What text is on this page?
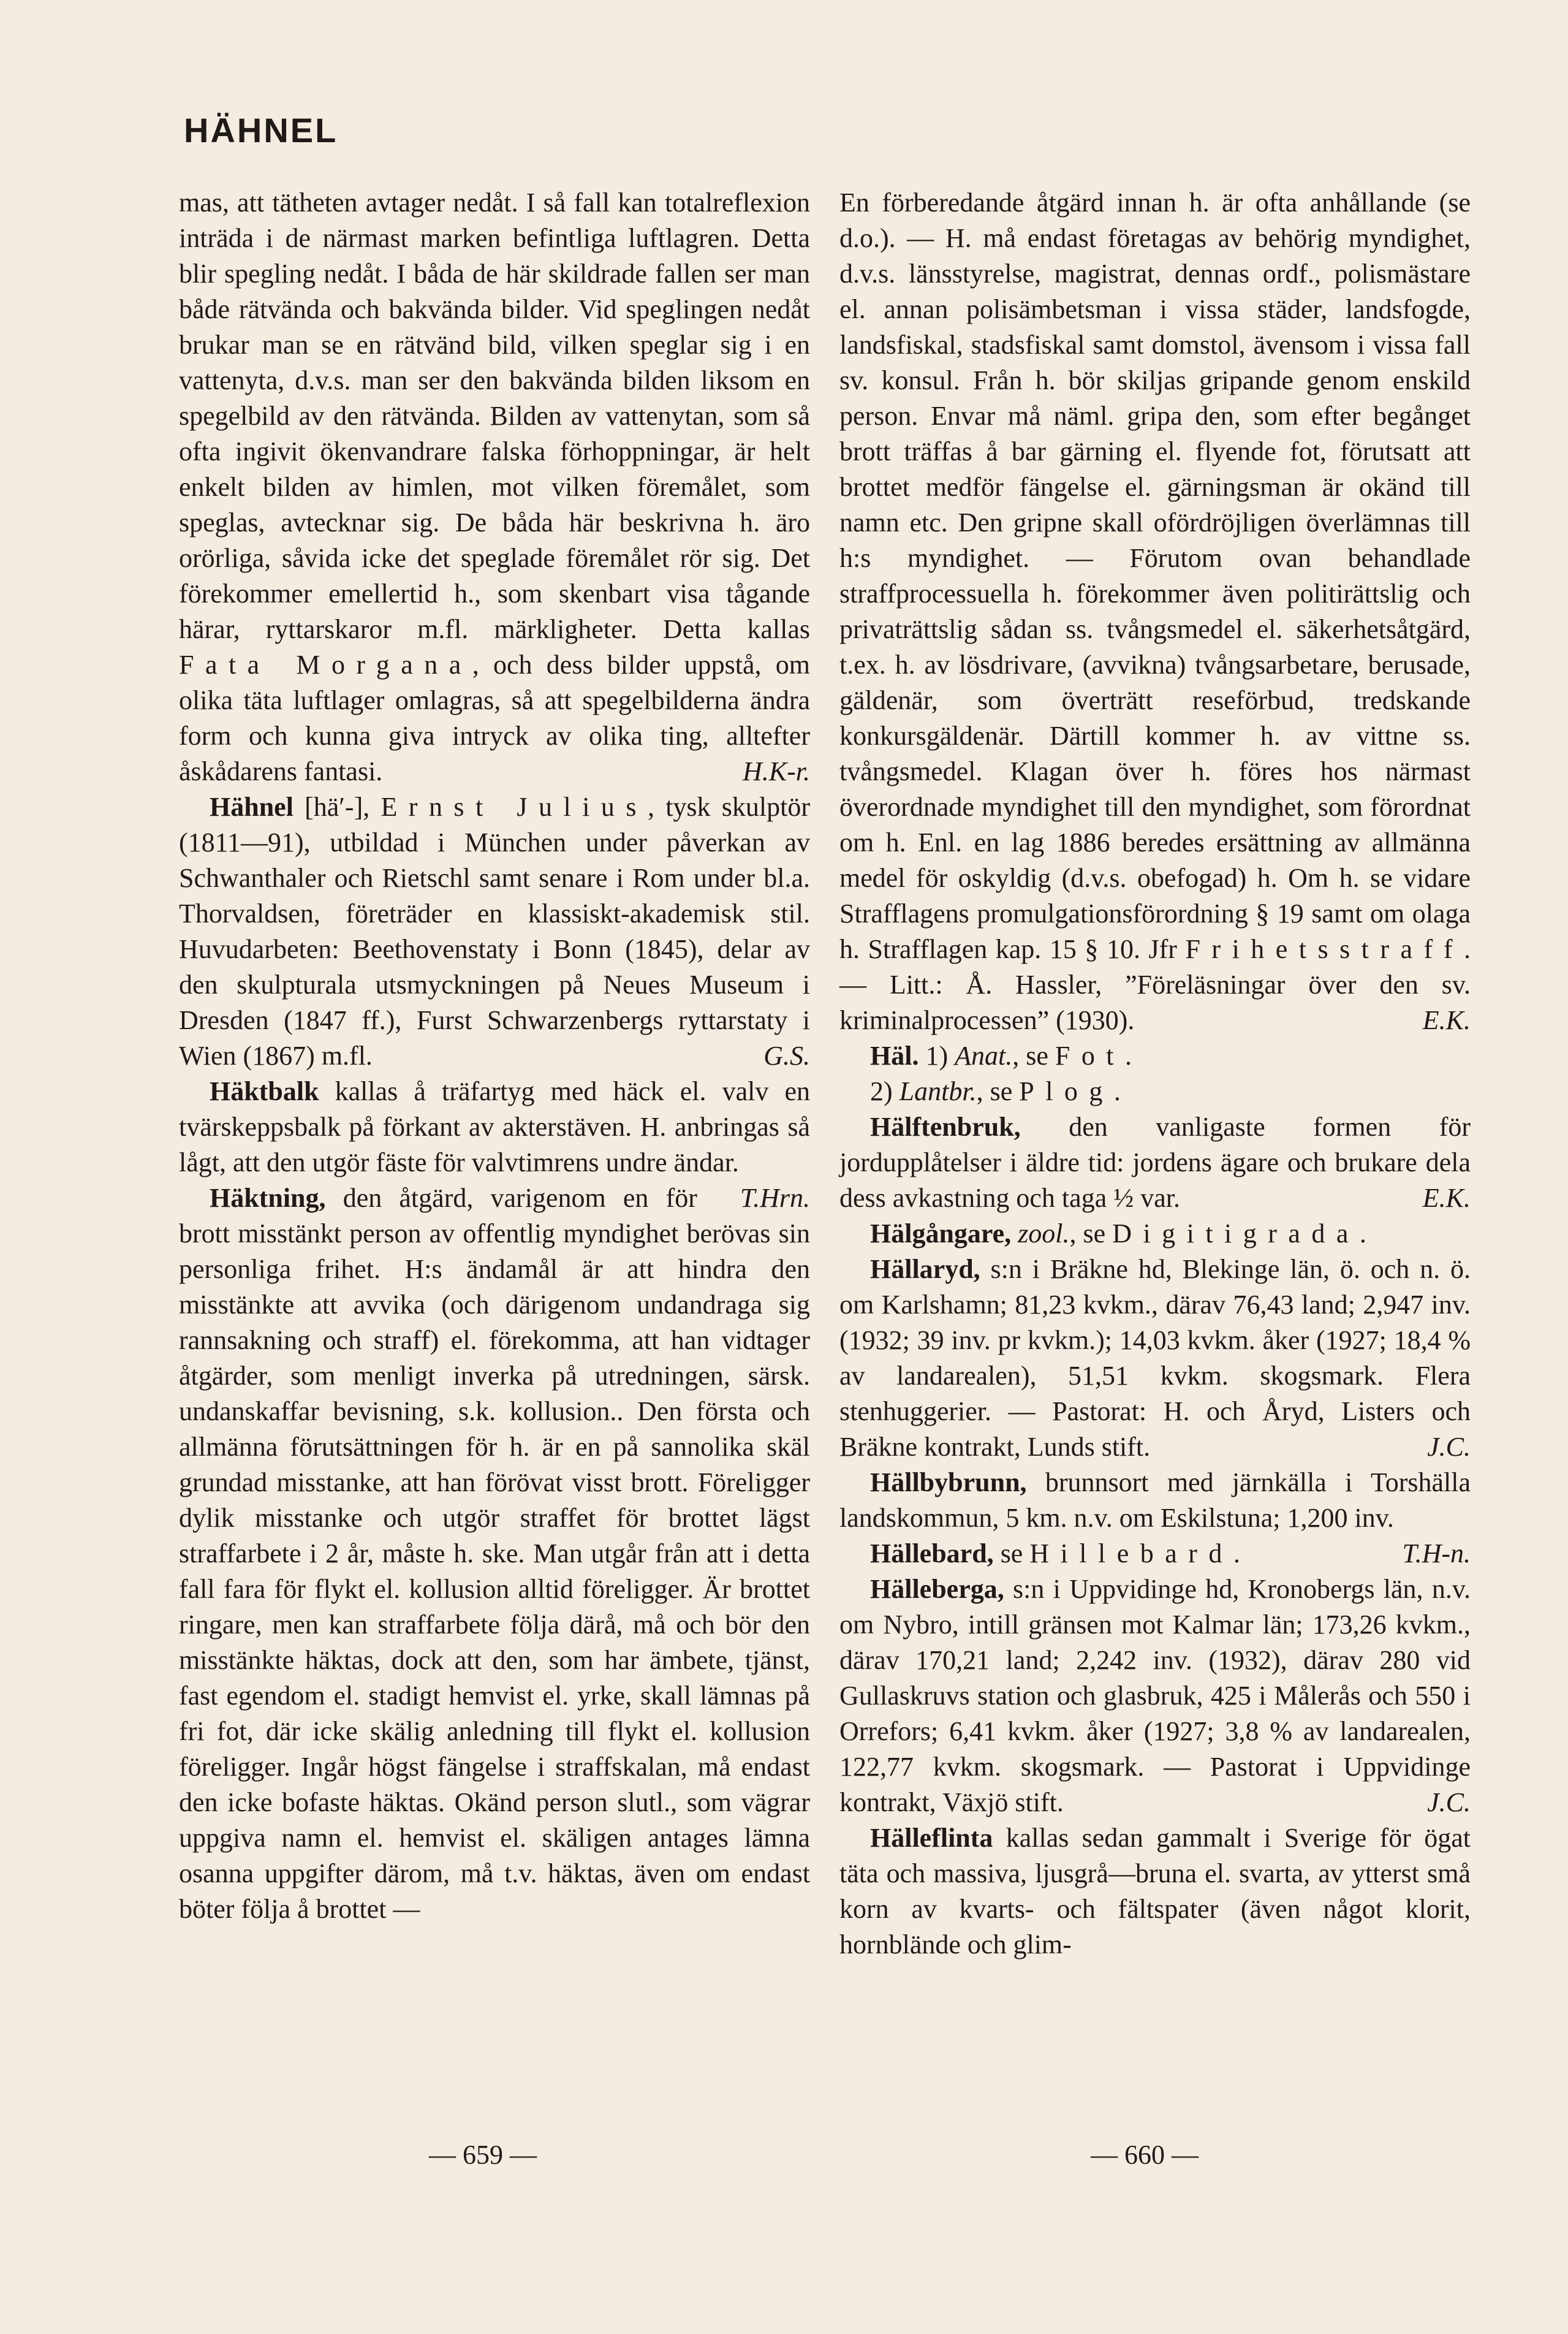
HÄHNEL

mas, att tätheten avtager nedåt. I så fall kan totalreflexion inträda i de närmast marken befintliga luftlagren. Detta blir spegling nedåt. I båda de här skildrade fallen ser man både rätvända och bakvända bilder. Vid speglingen nedåt brukar man se en rätvänd bild, vilken speglar sig i en vattenyta, d.v.s. man ser den bakvända bilden liksom en spegelbild av den rätvända. Bilden av vattenytan, som så ofta ingivit ökenvandrare falska förhoppningar, är helt enkelt bilden av himlen, mot vilken föremålet, som speglas, avtecknar sig. De båda här beskrivna h. äro orörliga, såvida icke det speglade föremålet rör sig. Det förekommer emellertid h., som skenbart visa tågande härar, ryttarskaror m.fl. märkligheter. Detta kallas Fata Morgana, och dess bilder uppstå, om olika täta luftlager omlagras, så att spegelbilderna ändra form och kunna giva intryck av olika ting, alltefter åskådarens fantasi.	H.K-r.

Hähnel [hä′-], Ernst Julius, tysk skulptör (1811—91), utbildad i München under påverkan av Schwanthaler och Rietschl samt senare i Rom under bl.a. Thorvaldsen, företräder en klassiskt-akademisk stil. Huvudarbeten: Beethovenstaty i Bonn (1845), delar av den skulpturala utsmyckningen på Neues Museum i Dresden (1847 ff.), Furst Schwarzenbergs ryttarstaty i Wien (1867) m.fl.	G.S.

Häktbalk kallas å träfartyg med häck el. valv en tvärskeppsbalk på förkant av akterstäven. H. anbringas så lågt, att den utgör fäste för valvtimrens undre ändar.
T.Hrn.

Häktning, den åtgärd, varigenom en för brott misstänkt person av offentlig myndighet berövas sin personliga frihet. H:s ändamål är att hindra den misstänkte att avvika (och därigenom undandraga sig rannsakning och straff) el. förekomma, att han vidtager åtgärder, som menligt inverka på utredningen, särsk. undanskaffar bevisning, s.k. kollusion.. Den första och allmänna förutsättningen för h. är en på sannolika skäl grundad misstanke, att han förövat visst brott. Föreligger dylik misstanke och utgör straffet för brottet lägst straffarbete i 2 år, måste h. ske. Man utgår från att i detta fall fara för flykt el. kollusion alltid föreligger. Är brottet ringare, men kan straffarbete följa därå, må och bör den misstänkte häktas, dock att den, som har ämbete, tjänst, fast egendom el. stadigt hemvist el. yrke, skall lämnas på fri fot, där icke skälig anledning till flykt el. kollusion föreligger. Ingår högst fängelse i straffskalan, må endast den icke bofaste häktas. Okänd person slutl., som vägrar uppgiva namn el. hemvist el. skäligen antages lämna osanna uppgifter därom, må t.v. häktas, även om endast böter följa å brottet —

En förberedande åtgärd innan h. är ofta anhållande (se d.o.). — H. må endast företagas av behörig myndighet, d.v.s. länsstyrelse, magistrat, dennas ordf., polismästare el. annan polisämbetsman i vissa städer, landsfogde, landsfiskal, stadsfiskal samt domstol, ävensom i vissa fall sv. konsul. Från h. bör skiljas gripande genom enskild person. Envar må näml. gripa den, som efter begånget brott träffas å bar gärning el. flyende fot, förutsatt att brottet medför fängelse el. gärningsman är okänd till namn etc. Den gripne skall ofördröjligen överlämnas till h:s myndighet. — Förutom ovan behandlade straffprocessuella h. förekommer även politirättslig och privaträttslig sådan ss. tvångsmedel el. säkerhetsåtgärd, t.ex. h. av lösdrivare, (avvikna) tvångsarbetare, berusade, gäldenär, som överträtt reseförbud, tredskande konkursgäldenär. Därtill kommer h. av vittne ss. tvångsmedel. Klagan över h. föres hos närmast överordnade myndighet till den myndighet, som förordnat om h. Enl. en lag 1886 beredes ersättning av allmänna medel för oskyldig (d.v.s. obefogad) h. Om h. se vidare Strafflagens promulgationsförordning § 19 samt om olaga h. Strafflagen kap. 15 § 10. Jfr Frihetsstraff. — Litt.: Å. Hassler, ”Föreläsningar över den sv. kriminalprocessen” (1930).	E.K.

Häl. 1) Anat., se Fot.

2) Lantbr., se Plog.

Hälftenbruk, den vanligaste formen för jordupplåtelser i äldre tid: jordens ägare och brukare dela dess avkastning och taga ½ var.	E.K.

Hälgångare, zool., se Digitigrada.

Hällaryd, s:n i Bräkne hd, Blekinge län, ö. och n. ö. om Karlshamn; 81,23 kvkm., därav 76,43 land; 2,947 inv. (1932; 39 inv. pr kvkm.); 14,03 kvkm. åker (1927; 18,4 % av landarealen), 51,51 kvkm. skogsmark. Flera stenhuggerier. — Pastorat: H. och Åryd, Listers och Bräkne kontrakt, Lunds stift.	J.C.

Hällbybrunn, brunnsort med järnkälla i Torshälla landskommun, 5 km. n.v. om Eskilstuna; 1,200 inv.
T.H-n.

Hällebard, se Hillebard.

Hälleberga, s:n i Uppvidinge hd, Kronobergs län, n.v. om Nybro, intill gränsen mot Kalmar län; 173,26 kvkm., därav 170,21 land; 2,242 inv. (1932), därav 280 vid Gullaskruvs station och glasbruk, 425 i Målerås och 550 i Orrefors; 6,41 kvkm. åker (1927; 3,8 % av landarealen, 122,77 kvkm. skogsmark. — Pastorat i Uppvidinge kontrakt, Växjö stift.	J.C.

Hälleflinta kallas sedan gammalt i Sverige för ögat täta och massiva, ljusgrå—bruna el. svarta, av ytterst små korn av kvarts- och fältspater (även något klorit, hornblände och glim-

— 659 —	— 660 —
